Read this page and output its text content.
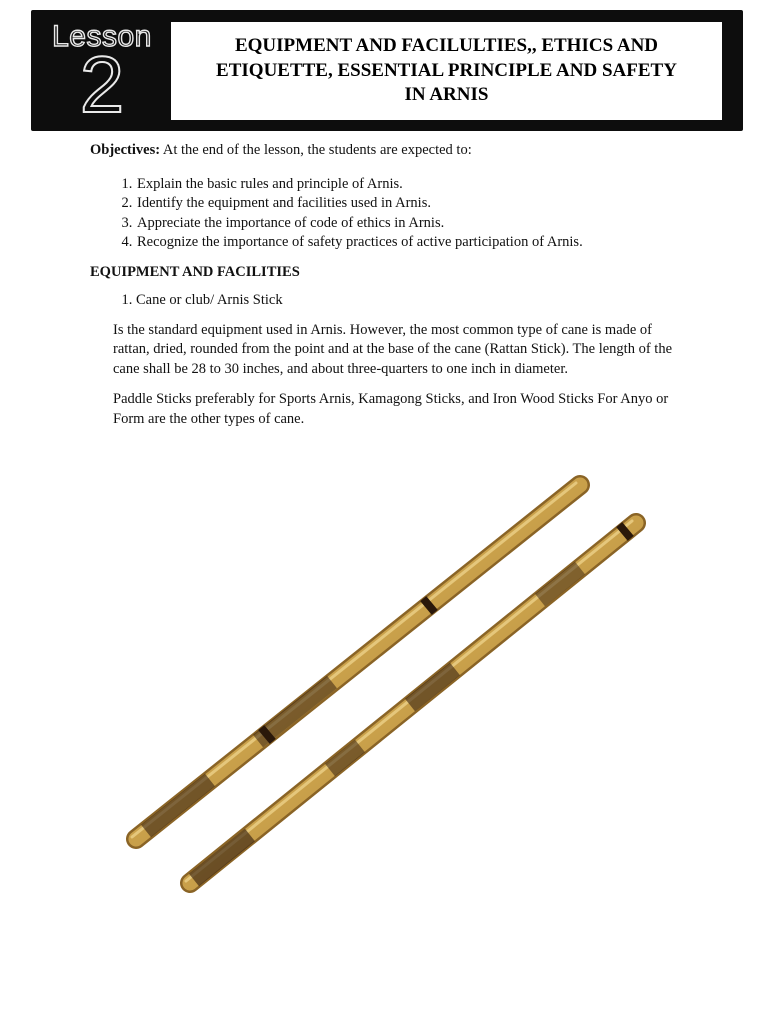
Lesson
2	EQUIPMENT AND FACILULTIES,, ETHICS AND ETIQUETTE, ESSENTIAL PRINCIPLE AND SAFETY IN ARNIS

Objectives: At the end of the lesson, the students are expected to:

1. Explain the basic rules and principle of Arnis.
2. Identify the equipment and facilities used in Arnis.
3. Appreciate the importance of code of ethics in Arnis.
4. Recognize the importance of safety practices of active participation of Arnis.

EQUIPMENT AND FACILITIES

1. Cane or club/ Arnis Stick

Is the standard equipment used in Arnis. However, the most common type of cane is made of rattan, dried, rounded from the point and at the base of the cane (Rattan Stick). The length of the cane shall be 28 to 30 inches, and about three-quarters to one inch in diameter.

Paddle Sticks preferably for Sports Arnis, Kamagong Sticks, and Iron Wood Sticks For Anyo or Form are the other types of cane.
